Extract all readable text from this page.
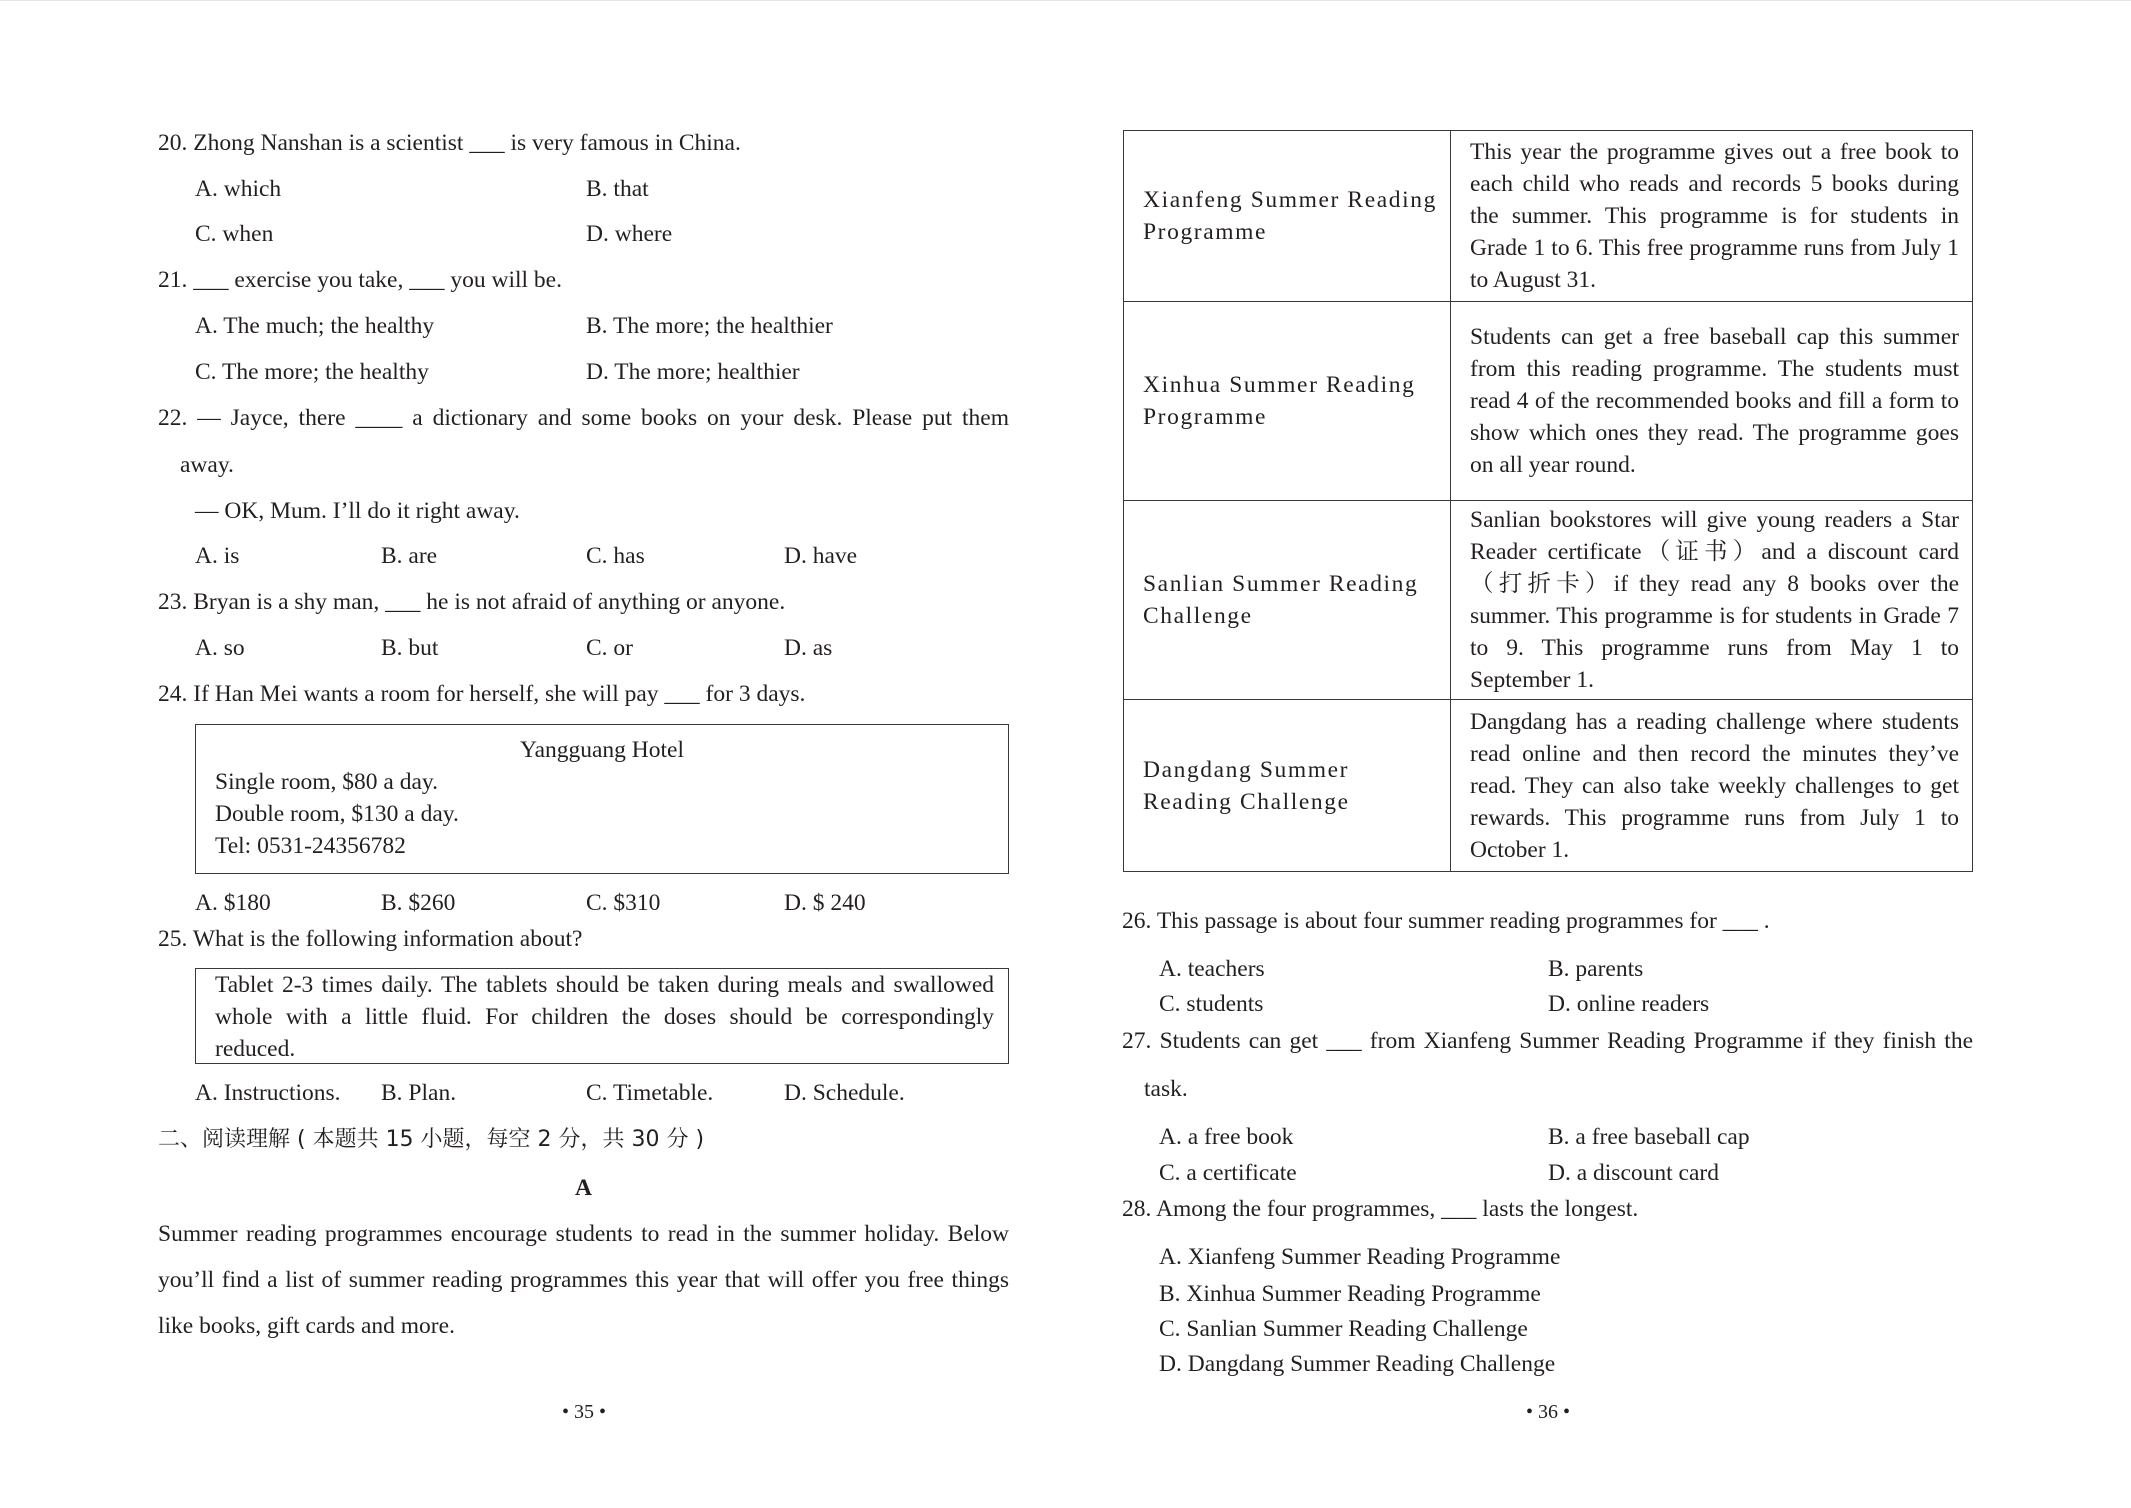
20. Zhong Nanshan is a scientist ___ is very famous in China.
A. which	B. that
C. when	D. where
21. ___ exercise you take, ___ you will be.
A. The much; the healthy	B. The more; the healthier
C. The more; the healthy	D. The more; healthier
22. — Jayce, there ____ a dictionary and some books on your desk. Please put them
away.
— OK, Mum. I’ll do it right away.
A. is	B. are	C. has	D. have
23. Bryan is a shy man, ___ he is not afraid of anything or anyone.
A. so	B. but	C. or	D. as
24. If Han Mei wants a room for herself, she will pay ___ for 3 days.
Yangguang Hotel
Single room, $80 a day.
Double room, $130 a day.
Tel: 0531-24356782
A. $180	B. $260	C. $310	D. $ 240
25. What is the following information about?
Tablet 2-3 times daily. The tablets should be taken during meals and swallowed whole with a little fluid. For children the doses should be correspondingly reduced.
A. Instructions. B. Plan.	C. Timetable.	D. Schedule.
二、阅读理解 ( 本题共 15 小题，每空 2 分，共 30 分 )
A
Summer reading programmes encourage students to read in the summer holiday. Below
you’ll find a list of summer reading programmes this year that will offer you free things
like books, gift cards and more.
• 35 •
Xianfeng Summer Reading Programme	This year the programme gives out a free book to each child who reads and records 5 books during the summer. This programme is for students in Grade 1 to 6. This free programme runs from July 1 to August 31.
Xinhua Summer Reading Programme	Students can get a free baseball cap this summer from this reading programme. The students must read 4 of the recommended books and fill a form to show which ones they read. The programme goes on all year round.
Sanlian Summer Reading Challenge	Sanlian bookstores will give young readers a Star Reader certificate（证书）and a discount card（打折卡）if they read any 8 books over the summer. This programme is for students in Grade 7 to 9. This programme runs from May 1 to September 1.
Dangdang Summer Reading Challenge	Dangdang has a reading challenge where students read online and then record the minutes they’ve read. They can also take weekly challenges to get rewards. This programme runs from July 1 to October 1.
26. This passage is about four summer reading programmes for ___ .
A. teachers	B. parents
C. students	D. online readers
27. Students can get ___ from Xianfeng Summer Reading Programme if they finish the
task.
A. a free book	B. a free baseball cap
C. a certificate	D. a discount card
28. Among the four programmes, ___ lasts the longest.
A. Xianfeng Summer Reading Programme
B. Xinhua Summer Reading Programme
C. Sanlian Summer Reading Challenge
D. Dangdang Summer Reading Challenge
• 36 •
